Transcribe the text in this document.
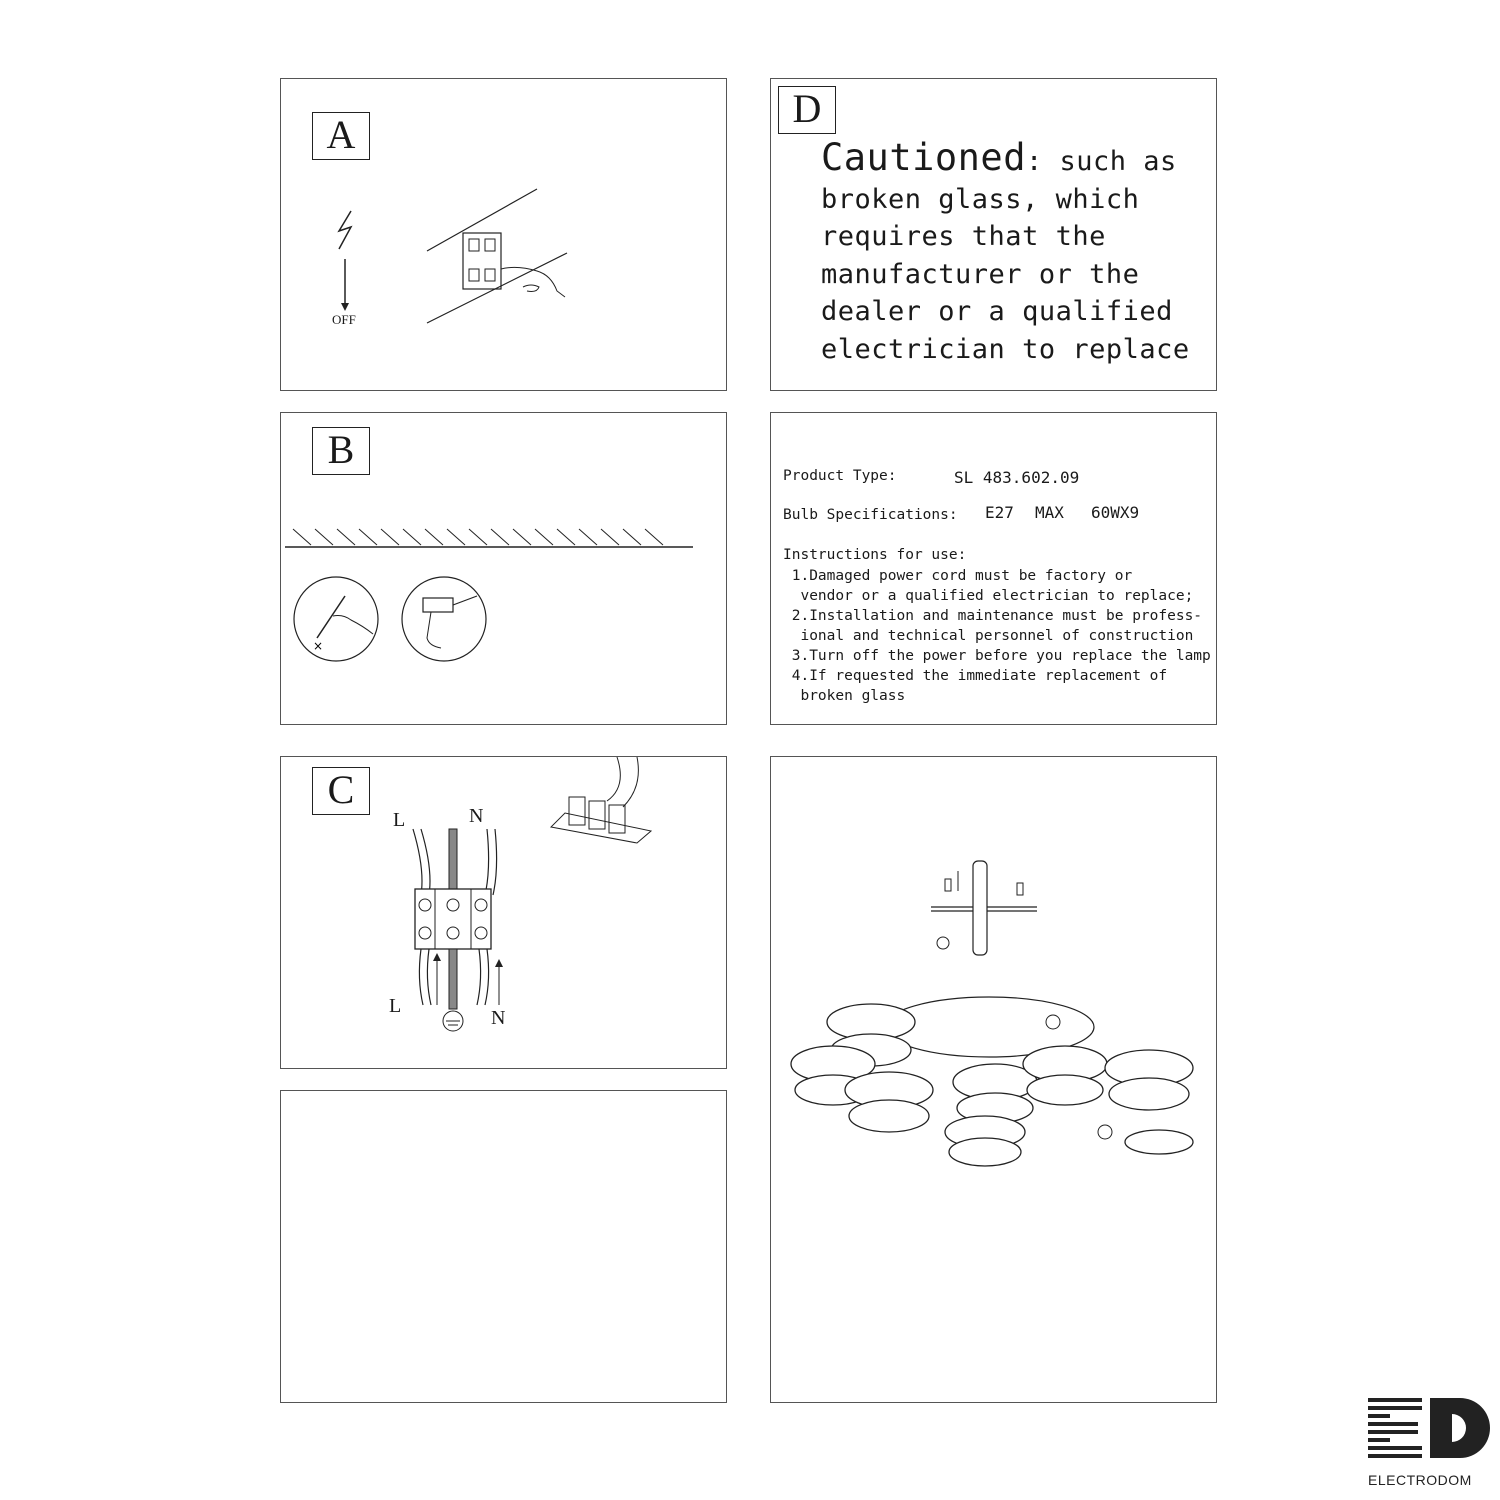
A
OFF
D
Cautioned: such as
broken glass, which
requires that the
manufacturer or the
dealer or a qualified
electrician to replace
B
×
Product Type:	SL 483.602.09
Bulb Specifications: E27 MAX 60WX9
Instructions for use:
1.Damaged power cord must be factory or
vendor or a qualified electrician to replace;
2.Installation and maintenance must be profess-
ional and technical personnel of construction
3.Turn off the power before you replace the lamp
4.If requested the immediate replacement of
broken glass
C
L	N
L
N
ELECTRODOM
